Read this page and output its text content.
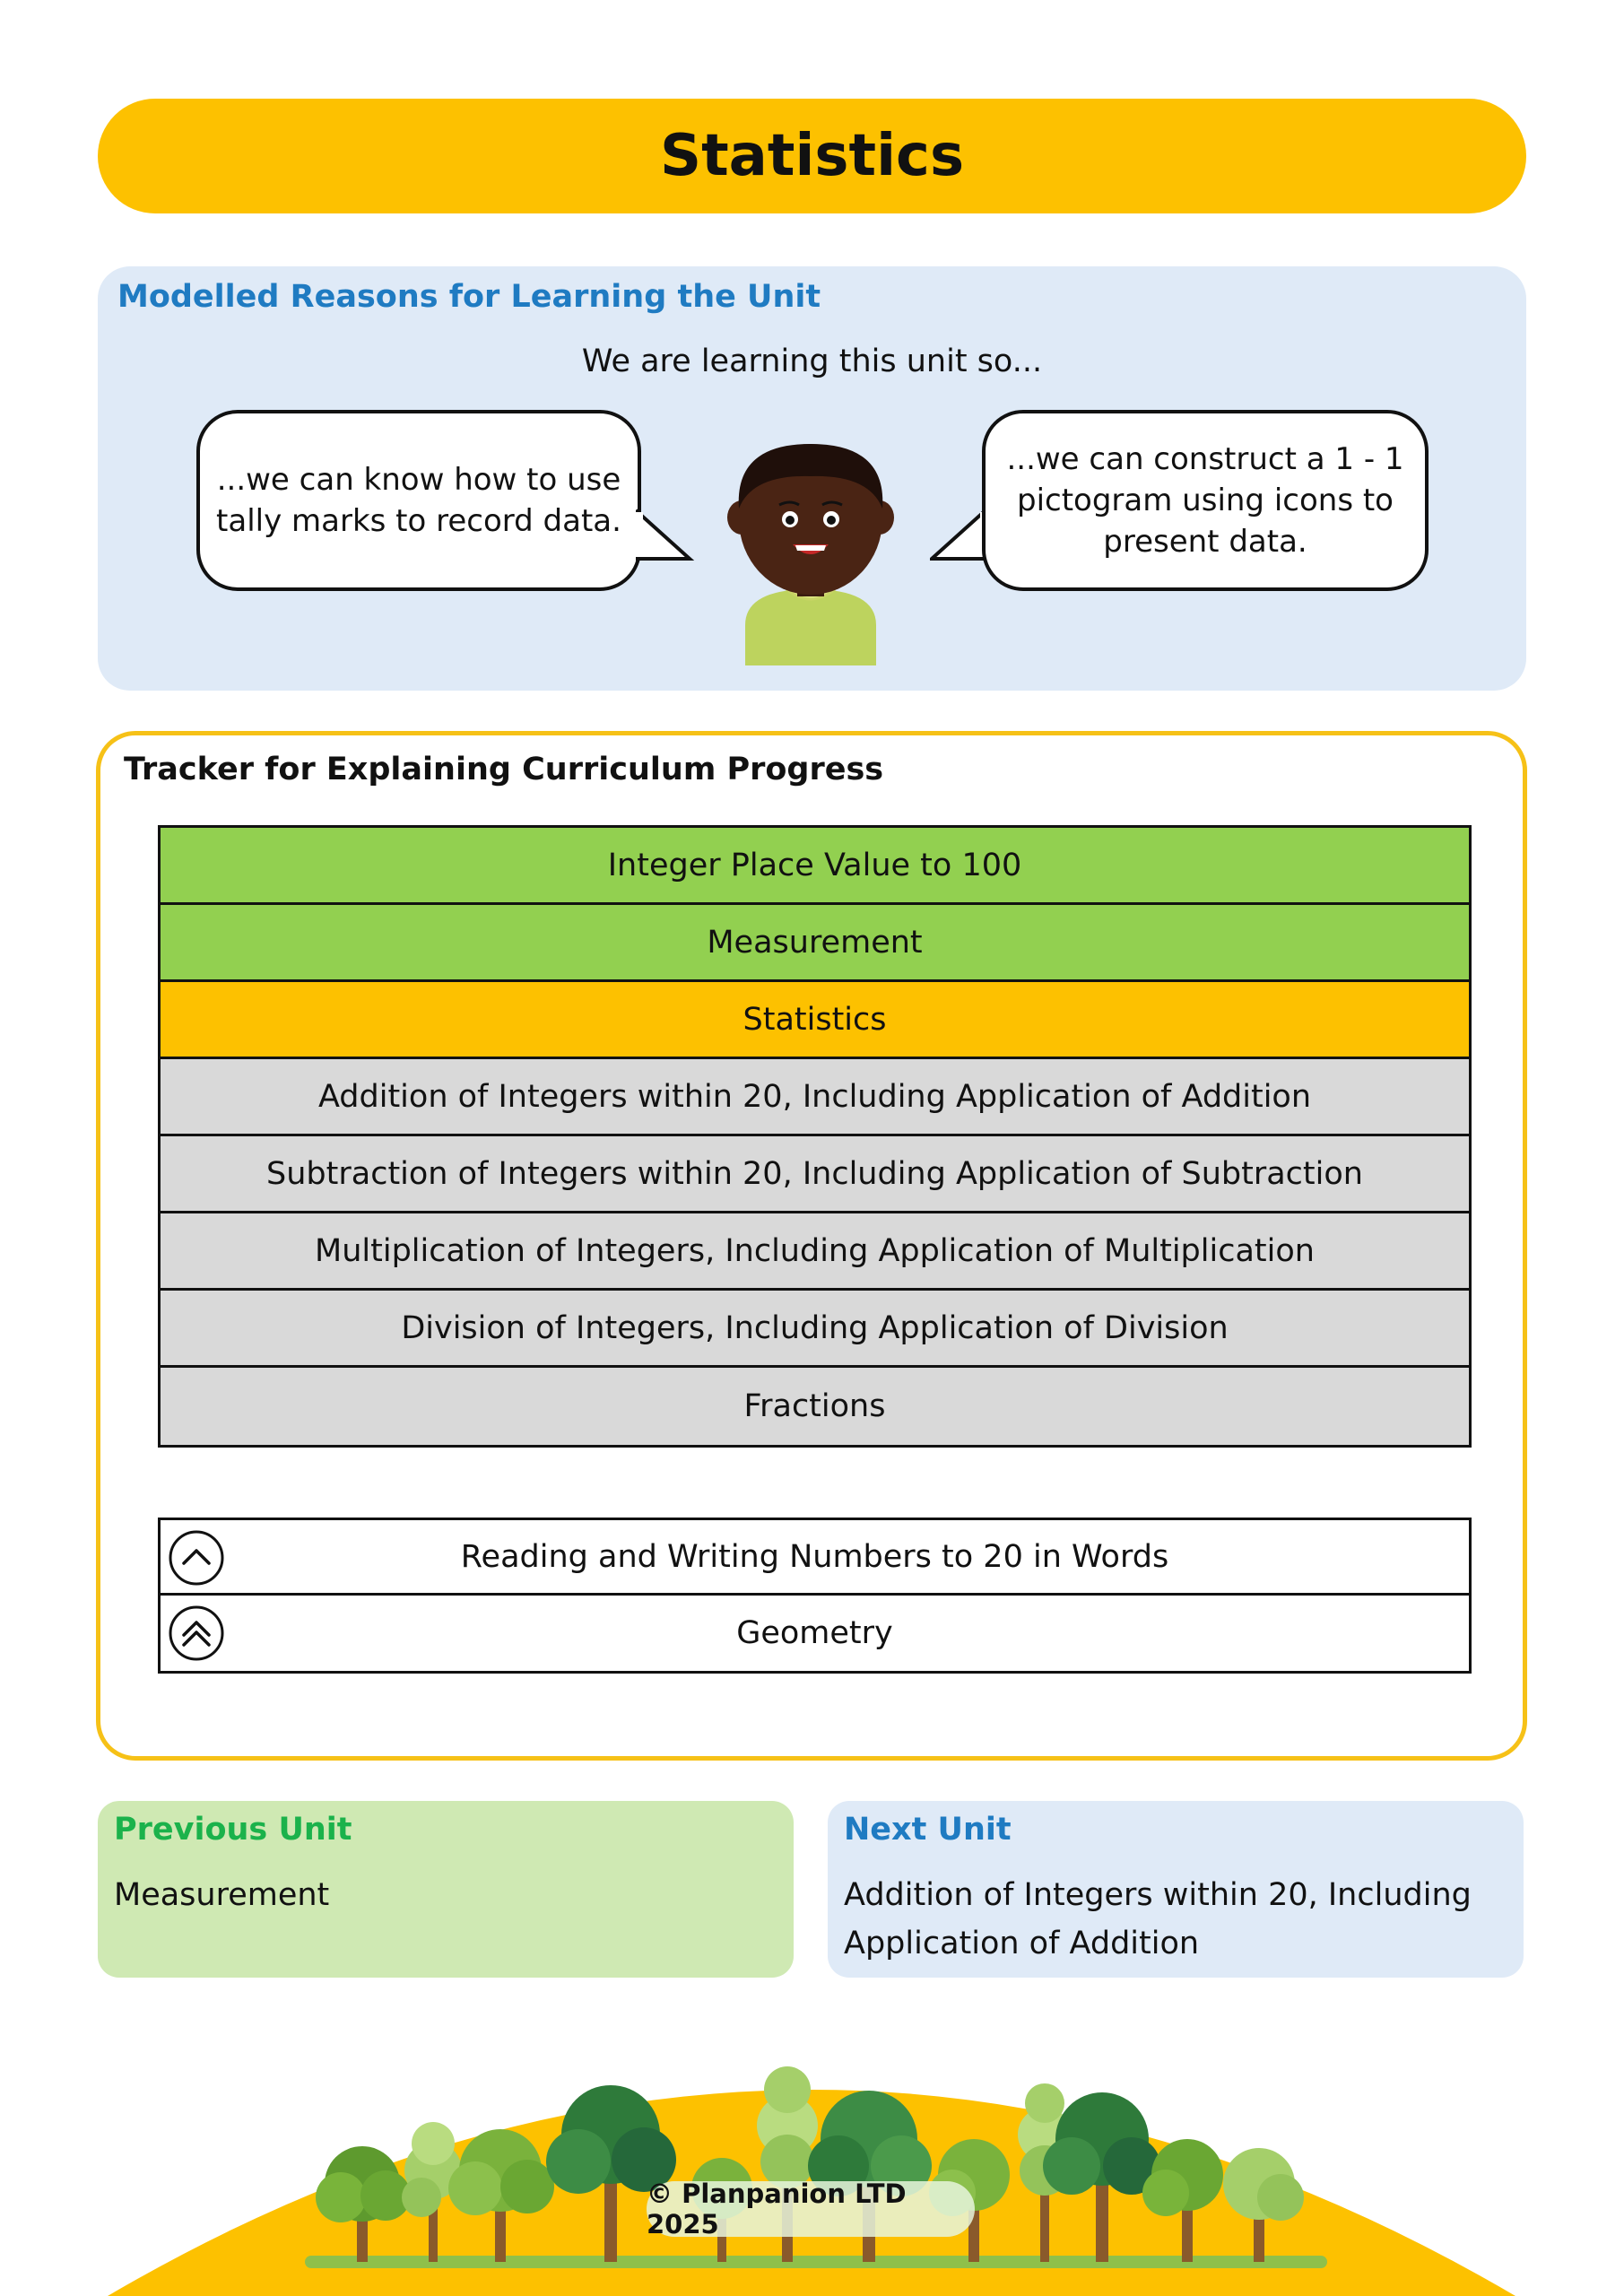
Statistics
Modelled Reasons for Learning the Unit
We are learning this unit so...
...we can know how to use tally marks to record data.
...we can construct a 1 - 1 pictogram using icons to present data.
Tracker for Explaining Curriculum Progress
Integer Place Value to 100
Measurement
Statistics
Addition of Integers within 20, Including Application of Addition
Subtraction of Integers within 20, Including Application of Subtraction
Multiplication of Integers, Including Application of Multiplication
Division of Integers, Including Application of Division
Fractions
Reading and Writing Numbers to 20 in Words
Geometry
Previous Unit
Measurement
Next Unit
Addition of Integers within 20, Including Application of Addition
© Planpanion LTD 2025
